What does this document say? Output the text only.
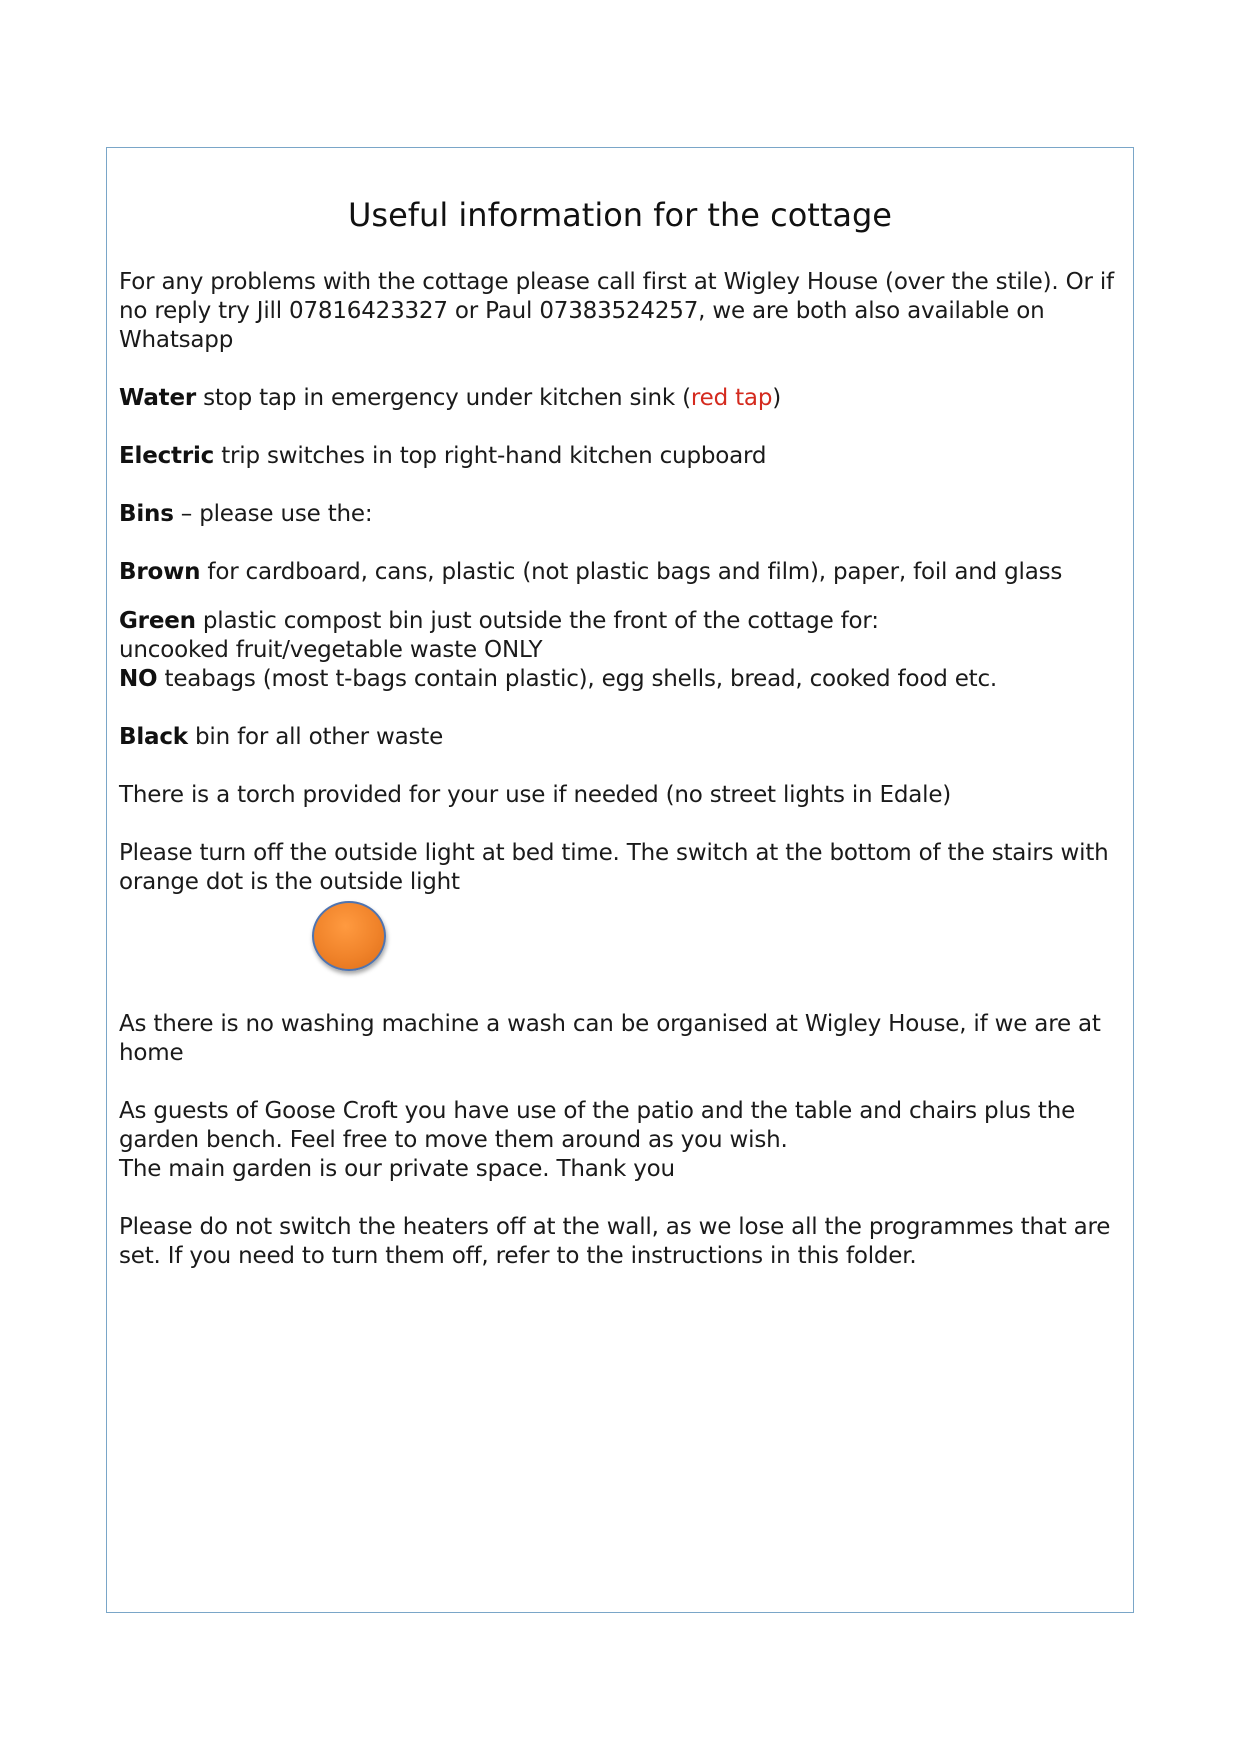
Useful information for the cottage

For any problems with the cottage please call first at Wigley House (over the stile). Or if no reply try Jill 07816423327 or Paul 07383524257, we are both also available on Whatsapp

Water stop tap in emergency under kitchen sink (red tap)

Electric trip switches in top right-hand kitchen cupboard

Bins – please use the:

Brown for cardboard, cans, plastic (not plastic bags and film), paper, foil and glass

Green plastic compost bin just outside the front of the cottage for:

uncooked fruit/vegetable waste ONLY

NO teabags (most t-bags contain plastic), egg shells, bread, cooked food etc.

Black bin for all other waste

There is a torch provided for your use if needed (no street lights in Edale)

Please turn off the outside light at bed time. The switch at the bottom of the stairs with orange dot is the outside light

As there is no washing machine a wash can be organised at Wigley House, if we are at home

As guests of Goose Croft you have use of the patio and the table and chairs plus the garden bench. Feel free to move them around as you wish.

The main garden is our private space. Thank you

Please do not switch the heaters off at the wall, as we lose all the programmes that are set. If you need to turn them off, refer to the instructions in this folder.
